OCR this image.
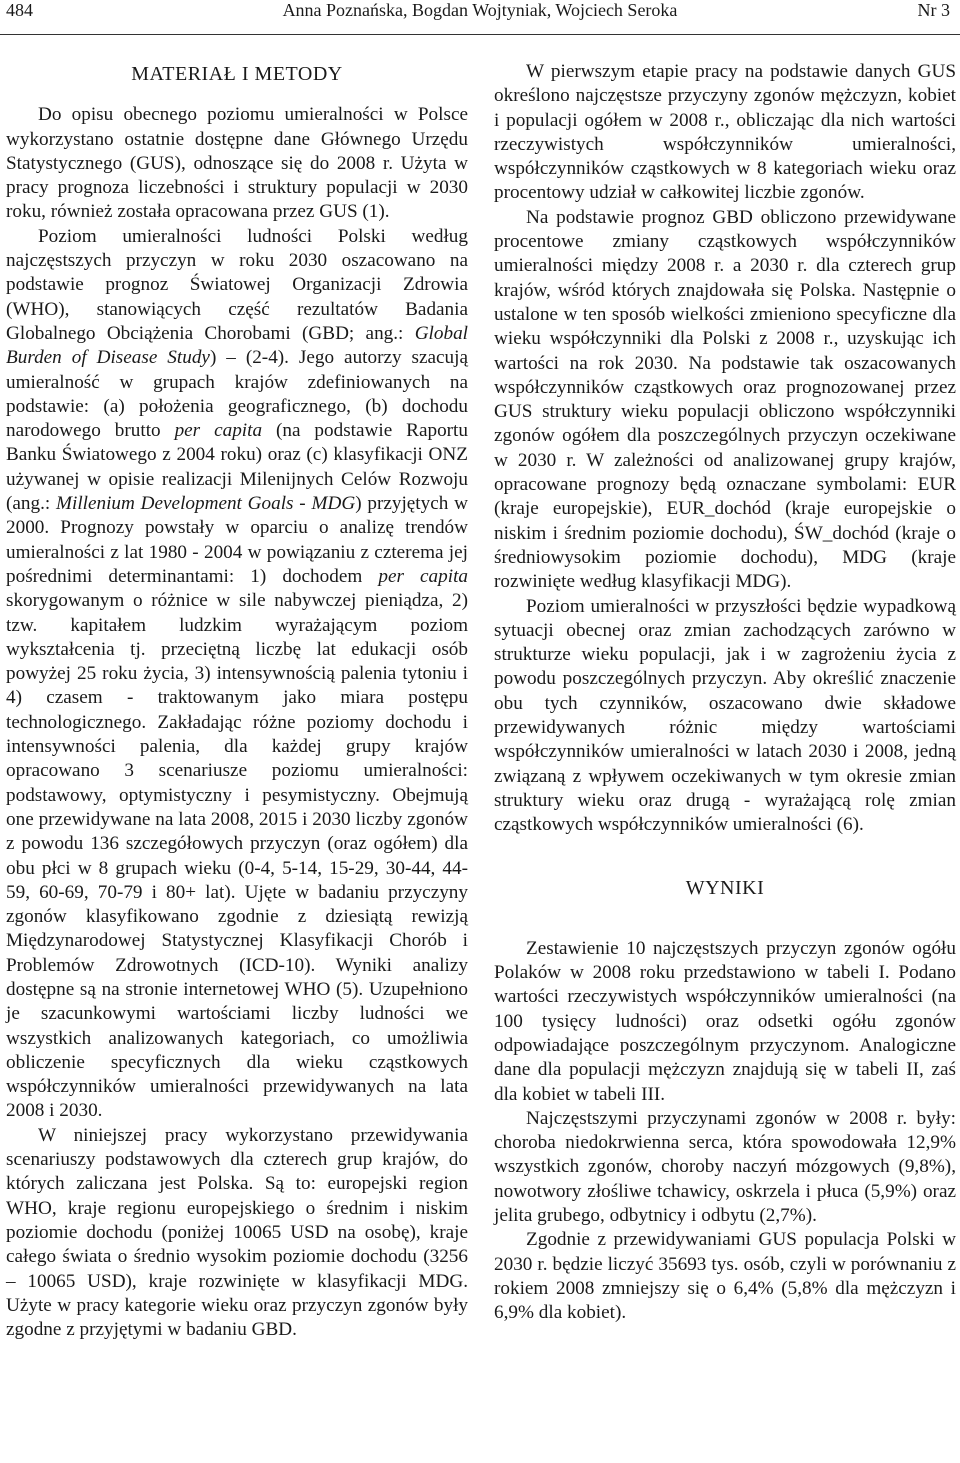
484	Anna Poznańska, Bogdan Wojtyniak, Wojciech Seroka	Nr 3
MATERIAŁ I METODY

Do opisu obecnego poziomu umieralności w Polsce wykorzystano ostatnie dostępne dane Głównego Urzędu Statystycznego (GUS), odnoszące się do 2008 r. Użyta w pracy prognoza liczebności i struktury populacji w 2030 roku, również została opracowana przez GUS (1).

Poziom umieralności ludności Polski według najczęstszych przyczyn w roku 2030 oszacowano na podstawie prognoz Światowej Organizacji Zdrowia (WHO), stanowiących część rezultatów Badania Globalnego Obciążenia Chorobami (GBD; ang.: Global Burden of Disease Study) – (2-4). Jego autorzy szacują umieralność w grupach krajów zdefiniowanych na podstawie: (a) położenia geograficznego, (b) dochodu narodowego brutto per capita (na podstawie Raportu Banku Światowego z 2004 roku) oraz (c) klasyfikacji ONZ używanej w opisie realizacji Milenijnych Celów Rozwoju (ang.: Millenium Development Goals - MDG) przyjętych w 2000. Prognozy powstały w oparciu o analizę trendów umieralności z lat 1980 - 2004 w powiązaniu z czterema jej pośrednimi determinantami: 1) dochodem per capita skorygowanym o różnice w sile nabywczej pieniądza, 2) tzw. kapitałem ludzkim wyrażającym poziom wykształcenia tj. przeciętną liczbę lat edukacji osób powyżej 25 roku życia, 3) intensywnością palenia tytoniu i 4) czasem - traktowanym jako miara postępu technologicznego. Zakładając różne poziomy dochodu i intensywności palenia, dla każdej grupy krajów opracowano 3 scenariusze poziomu umieralności: podstawowy, optymistyczny i pesymistyczny. Obejmują one przewidywane na lata 2008, 2015 i 2030 liczby zgonów z powodu 136 szczegółowych przyczyn (oraz ogółem) dla obu płci w 8 grupach wieku (0-4, 5-14, 15-29, 30-44, 44-59, 60-69, 70-79 i 80+ lat). Ujęte w badaniu przyczyny zgonów klasyfikowano zgodnie z dziesiątą rewizją Międzynarodowej Statystycznej Klasyfikacji Chorób i Problemów Zdrowotnych (ICD-10). Wyniki analizy dostępne są na stronie internetowej WHO (5). Uzupełniono je szacunkowymi wartościami liczby ludności we wszystkich analizowanych kategoriach, co umożliwia obliczenie specyficznych dla wieku cząstkowych współczynników umieralności przewidywanych na lata 2008 i 2030.

W niniejszej pracy wykorzystano przewidywania scenariuszy podstawowych dla czterech grup krajów, do których zaliczana jest Polska. Są to: europejski region WHO, kraje regionu europejskiego o średnim i niskim poziomie dochodu (poniżej 10065 USD na osobę), kraje całego świata o średnio wysokim poziomie dochodu (3256 – 10065 USD), kraje rozwinięte w klasyfikacji MDG. Użyte w pracy kategorie wieku oraz przyczyn zgonów były zgodne z przyjętymi w badaniu GBD.

W pierwszym etapie pracy na podstawie danych GUS określono najczęstsze przyczyny zgonów mężczyzn, kobiet i populacji ogółem w 2008 r., obliczając dla nich wartości rzeczywistych współczynników umieralności, współczynników cząstkowych w 8 kategoriach wieku oraz procentowy udział w całkowitej liczbie zgonów.

Na podstawie prognoz GBD obliczono przewidywane procentowe zmiany cząstkowych współczynników umieralności między 2008 r. a 2030 r. dla czterech grup krajów, wśród których znajdowała się Polska. Następnie o ustalone w ten sposób wielkości zmieniono specyficzne dla wieku współczynniki dla Polski z 2008 r., uzyskując ich wartości na rok 2030. Na podstawie tak oszacowanych współczynników cząstkowych oraz prognozowanej przez GUS struktury wieku populacji obliczono współczynniki zgonów ogółem dla poszczególnych przyczyn oczekiwane w 2030 r. W zależności od analizowanej grupy krajów, opracowane prognozy będą oznaczane symbolami: EUR (kraje europejskie), EUR_dochód (kraje europejskie o niskim i średnim poziomie dochodu), ŚW_dochód (kraje o średniowysokim poziomie dochodu), MDG (kraje rozwinięte według klasyfikacji MDG).

Poziom umieralności w przyszłości będzie wypadkową sytuacji obecnej oraz zmian zachodzących zarówno w strukturze wieku populacji, jak i w zagrożeniu życia z powodu poszczególnych przyczyn. Aby określić znaczenie obu tych czynników, oszacowano dwie składowe przewidywanych różnic między wartościami współczynników umieralności w latach 2030 i 2008, jedną związaną z wpływem oczekiwanych w tym okresie zmian struktury wieku oraz drugą - wyrażającą rolę zmian cząstkowych współczynników umieralności (6).

WYNIKI

Zestawienie 10 najczęstszych przyczyn zgonów ogółu Polaków w 2008 roku przedstawiono w tabeli I. Podano wartości rzeczywistych współczynników umieralności (na 100 tysięcy ludności) oraz odsetki ogółu zgonów odpowiadające poszczególnym przyczynom. Analogiczne dane dla populacji mężczyzn znajdują się w tabeli II, zaś dla kobiet w tabeli III.

Najczęstszymi przyczynami zgonów w 2008 r. były: choroba niedokrwienna serca, która spowodowała 12,9% wszystkich zgonów, choroby naczyń mózgowych (9,8%), nowotwory złośliwe tchawicy, oskrzela i płuca (5,9%) oraz jelita grubego, odbytnicy i odbytu (2,7%).

Zgodnie z przewidywaniami GUS populacja Polski w 2030 r. będzie liczyć 35693 tys. osób, czyli w porównaniu z rokiem 2008 zmniejszy się o 6,4% (5,8% dla mężczyzn i 6,9% dla kobiet).
